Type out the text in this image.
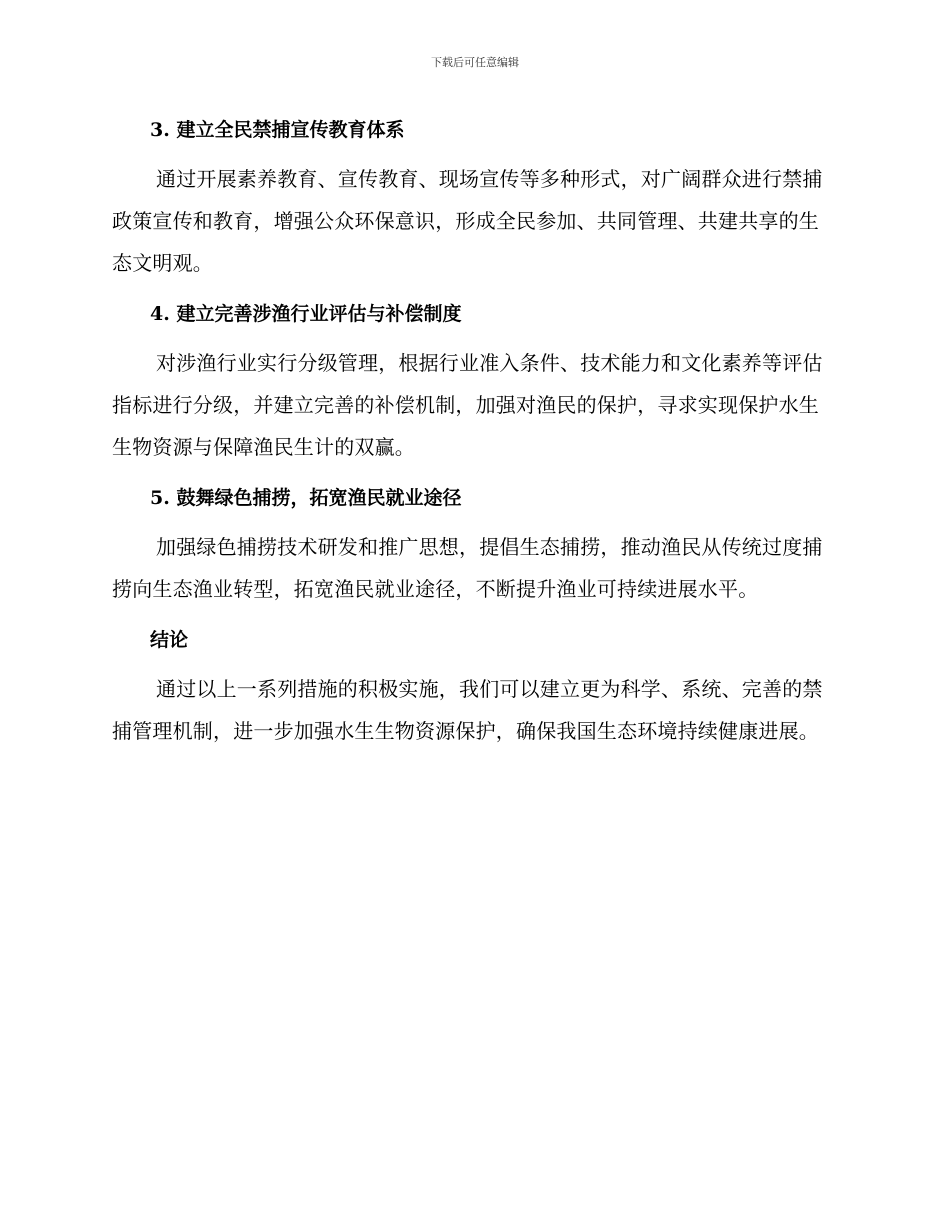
下载后可任意编辑
3. 建立全民禁捕宣传教育体系

通过开展素养教育、宣传教育、现场宣传等多种形式，对广阔群众进行禁捕政策宣传和教育，增强公众环保意识，形成全民参加、共同管理、共建共享的生态文明观。

4. 建立完善涉渔行业评估与补偿制度

对涉渔行业实行分级管理，根据行业准入条件、技术能力和文化素养等评估指标进行分级，并建立完善的补偿机制，加强对渔民的保护，寻求实现保护水生生物资源与保障渔民生计的双赢。

5. 鼓舞绿色捕捞，拓宽渔民就业途径

加强绿色捕捞技术研发和推广思想，提倡生态捕捞，推动渔民从传统过度捕捞向生态渔业转型，拓宽渔民就业途径，不断提升渔业可持续进展水平。

结论

通过以上一系列措施的积极实施，我们可以建立更为科学、系统、完善的禁捕管理机制，进一步加强水生生物资源保护，确保我国生态环境持续健康进展。
